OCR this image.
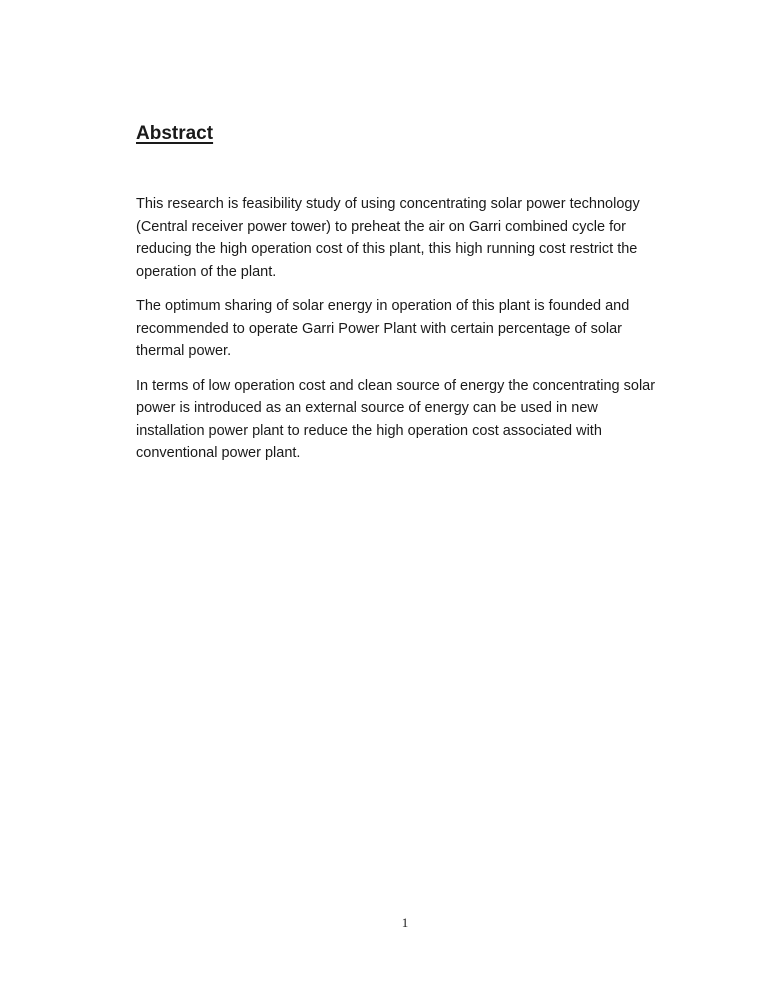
Abstract

This research is feasibility study of using concentrating solar power technology
(Central receiver power tower) to preheat the air on Garri combined cycle for
reducing the high operation cost of this plant, this high running cost restrict the
operation of the plant.

The optimum sharing of solar energy in operation of this plant is founded and
recommended to operate Garri Power Plant with certain percentage of solar
thermal power.

In terms of low operation cost and clean source of energy the concentrating solar
power is introduced as an external source of energy can be used in new
installation power plant to reduce the high operation cost associated with
conventional power plant.

1
